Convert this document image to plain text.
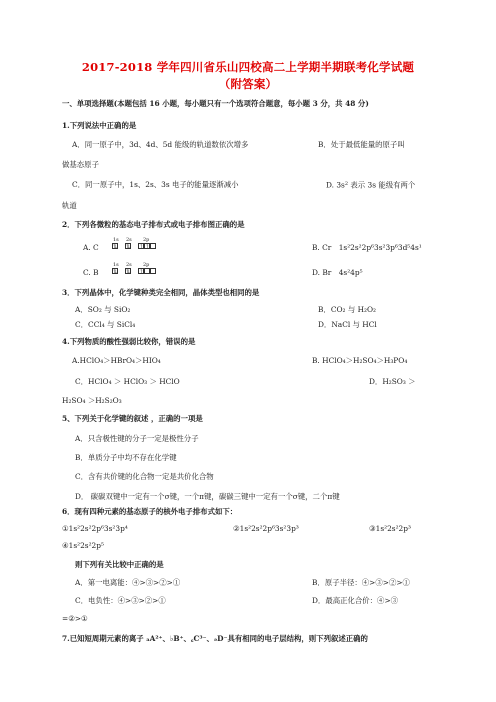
2017-2018 学年四川省乐山四校高二上学期半期联考化学试题
（附答案）
一、单项选择题(本题包括 16 小题，每小题只有一个选项符合题意，每小题 3 分，共 48 分)
1.下列说法中正确的是
A．同一原子中，3d、4d、5d 能级的轨道数依次增多	B．处于最低能量的原子叫
做基态原子
C．同一原子中，1s、2s、3s 电子的能量逐渐减小	D. $3s^2$ 表示 3s 能级有两个
轨道
2．下列各微粒的基态电子排布式或电子排布图正确的是
A. C
1s 2s 2p
⇅ ⇅ ↑ ↑	B. Cr　1s²2s²2p⁶3s²3p⁶3d⁵4s¹
C. B
1s 2s 2p
⇅ ⇅ ↑	D. Br　4s²4p⁵
3．下列晶体中，化学键种类完全相同，晶体类型也相同的是
A．SO₂ 与 SiO₂	B．CO₂ 与 H₂O₂
C．CCl₄ 与 SiCl₄	D．NaCl 与 HCl
4.下列物质的酸性强弱比较你，错误的是
A.HClO₄＞HBrO₄＞HIO₄	B. HClO₄＞H₂SO₄＞H₃PO₄
C．HClO₄ ＞ HClO₃ ＞ HClO	D．H₂SO₃ ＞
H₂SO₄ ＞H₂S₂O₃
5、下列关于化学键的叙述 ，正确的一项是
A．只含极性键的分子一定是极性分子
B．单质分子中均不存在化学键
C．含有共价键的化合物一定是共价化合物
D． 碳碳双键中一定有一个σ键，一个π键，碳碳三键中一定有一个σ键，二个π键
6．现有四种元素的基态原子的核外电子排布式如下：
①1s²2s²2p⁶3s²3p⁴	②1s²2s²2p⁶3s²3p³	③1s²2s²2p³
④1s²2s²2p⁵
则下列有关比较中正确的是
A．第一电离能：④>③>②>①	B．原子半径：④>③>②>①
C．电负性：④>③>②>①	D．最高正化合价：④>③
=②>①
7.已知短周期元素的离子 ₐA²⁺、♭B⁺、꜀C³⁻、ₔD⁻具有相同的电子层结构，则下列叙述正确的
